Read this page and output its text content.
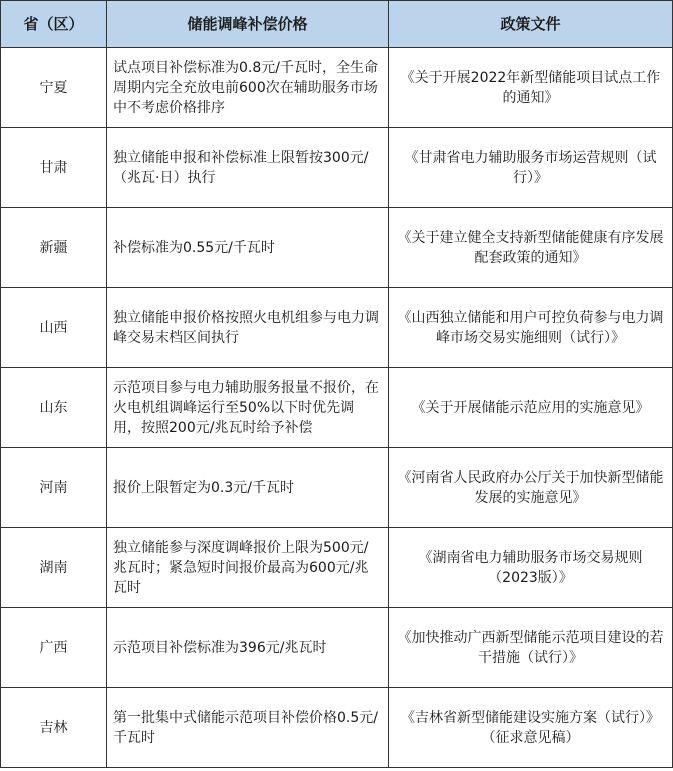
省（区）	储能调峰补偿价格	政策文件
宁夏	试点项目补偿标准为0.8元/千瓦时，全生命周期内完全充放电前600次在辅助服务市场中不考虑价格排序	《关于开展2022年新型储能项目试点工作的通知》
甘肃	独立储能申报和补偿标准上限暂按300元/（兆瓦·日）执行	《甘肃省电力辅助服务市场运营规则（试行）》
新疆	补偿标准为0.55元/千瓦时	《关于建立健全支持新型储能健康有序发展配套政策的通知》
山西	独立储能申报价格按照火电机组参与电力调峰交易末档区间执行	《山西独立储能和用户可控负荷参与电力调峰市场交易实施细则（试行）》
山东	示范项目参与电力辅助服务报量不报价，在火电机组调峰运行至50%以下时优先调用，按照200元/兆瓦时给予补偿	《关于开展储能示范应用的实施意见》
河南	报价上限暂定为0.3元/千瓦时	《河南省人民政府办公厅关于加快新型储能发展的实施意见》
湖南	独立储能参与深度调峰报价上限为500元/兆瓦时；紧急短时间报价最高为600元/兆瓦时	《湖南省电力辅助服务市场交易规则（2023版）》
广西	示范项目补偿标准为396元/兆瓦时	《加快推动广西新型储能示范项目建设的若干措施（试行）》
吉林	第一批集中式储能示范项目补偿价格0.5元/千瓦时	《吉林省新型储能建设实施方案（试行）》（征求意见稿）
